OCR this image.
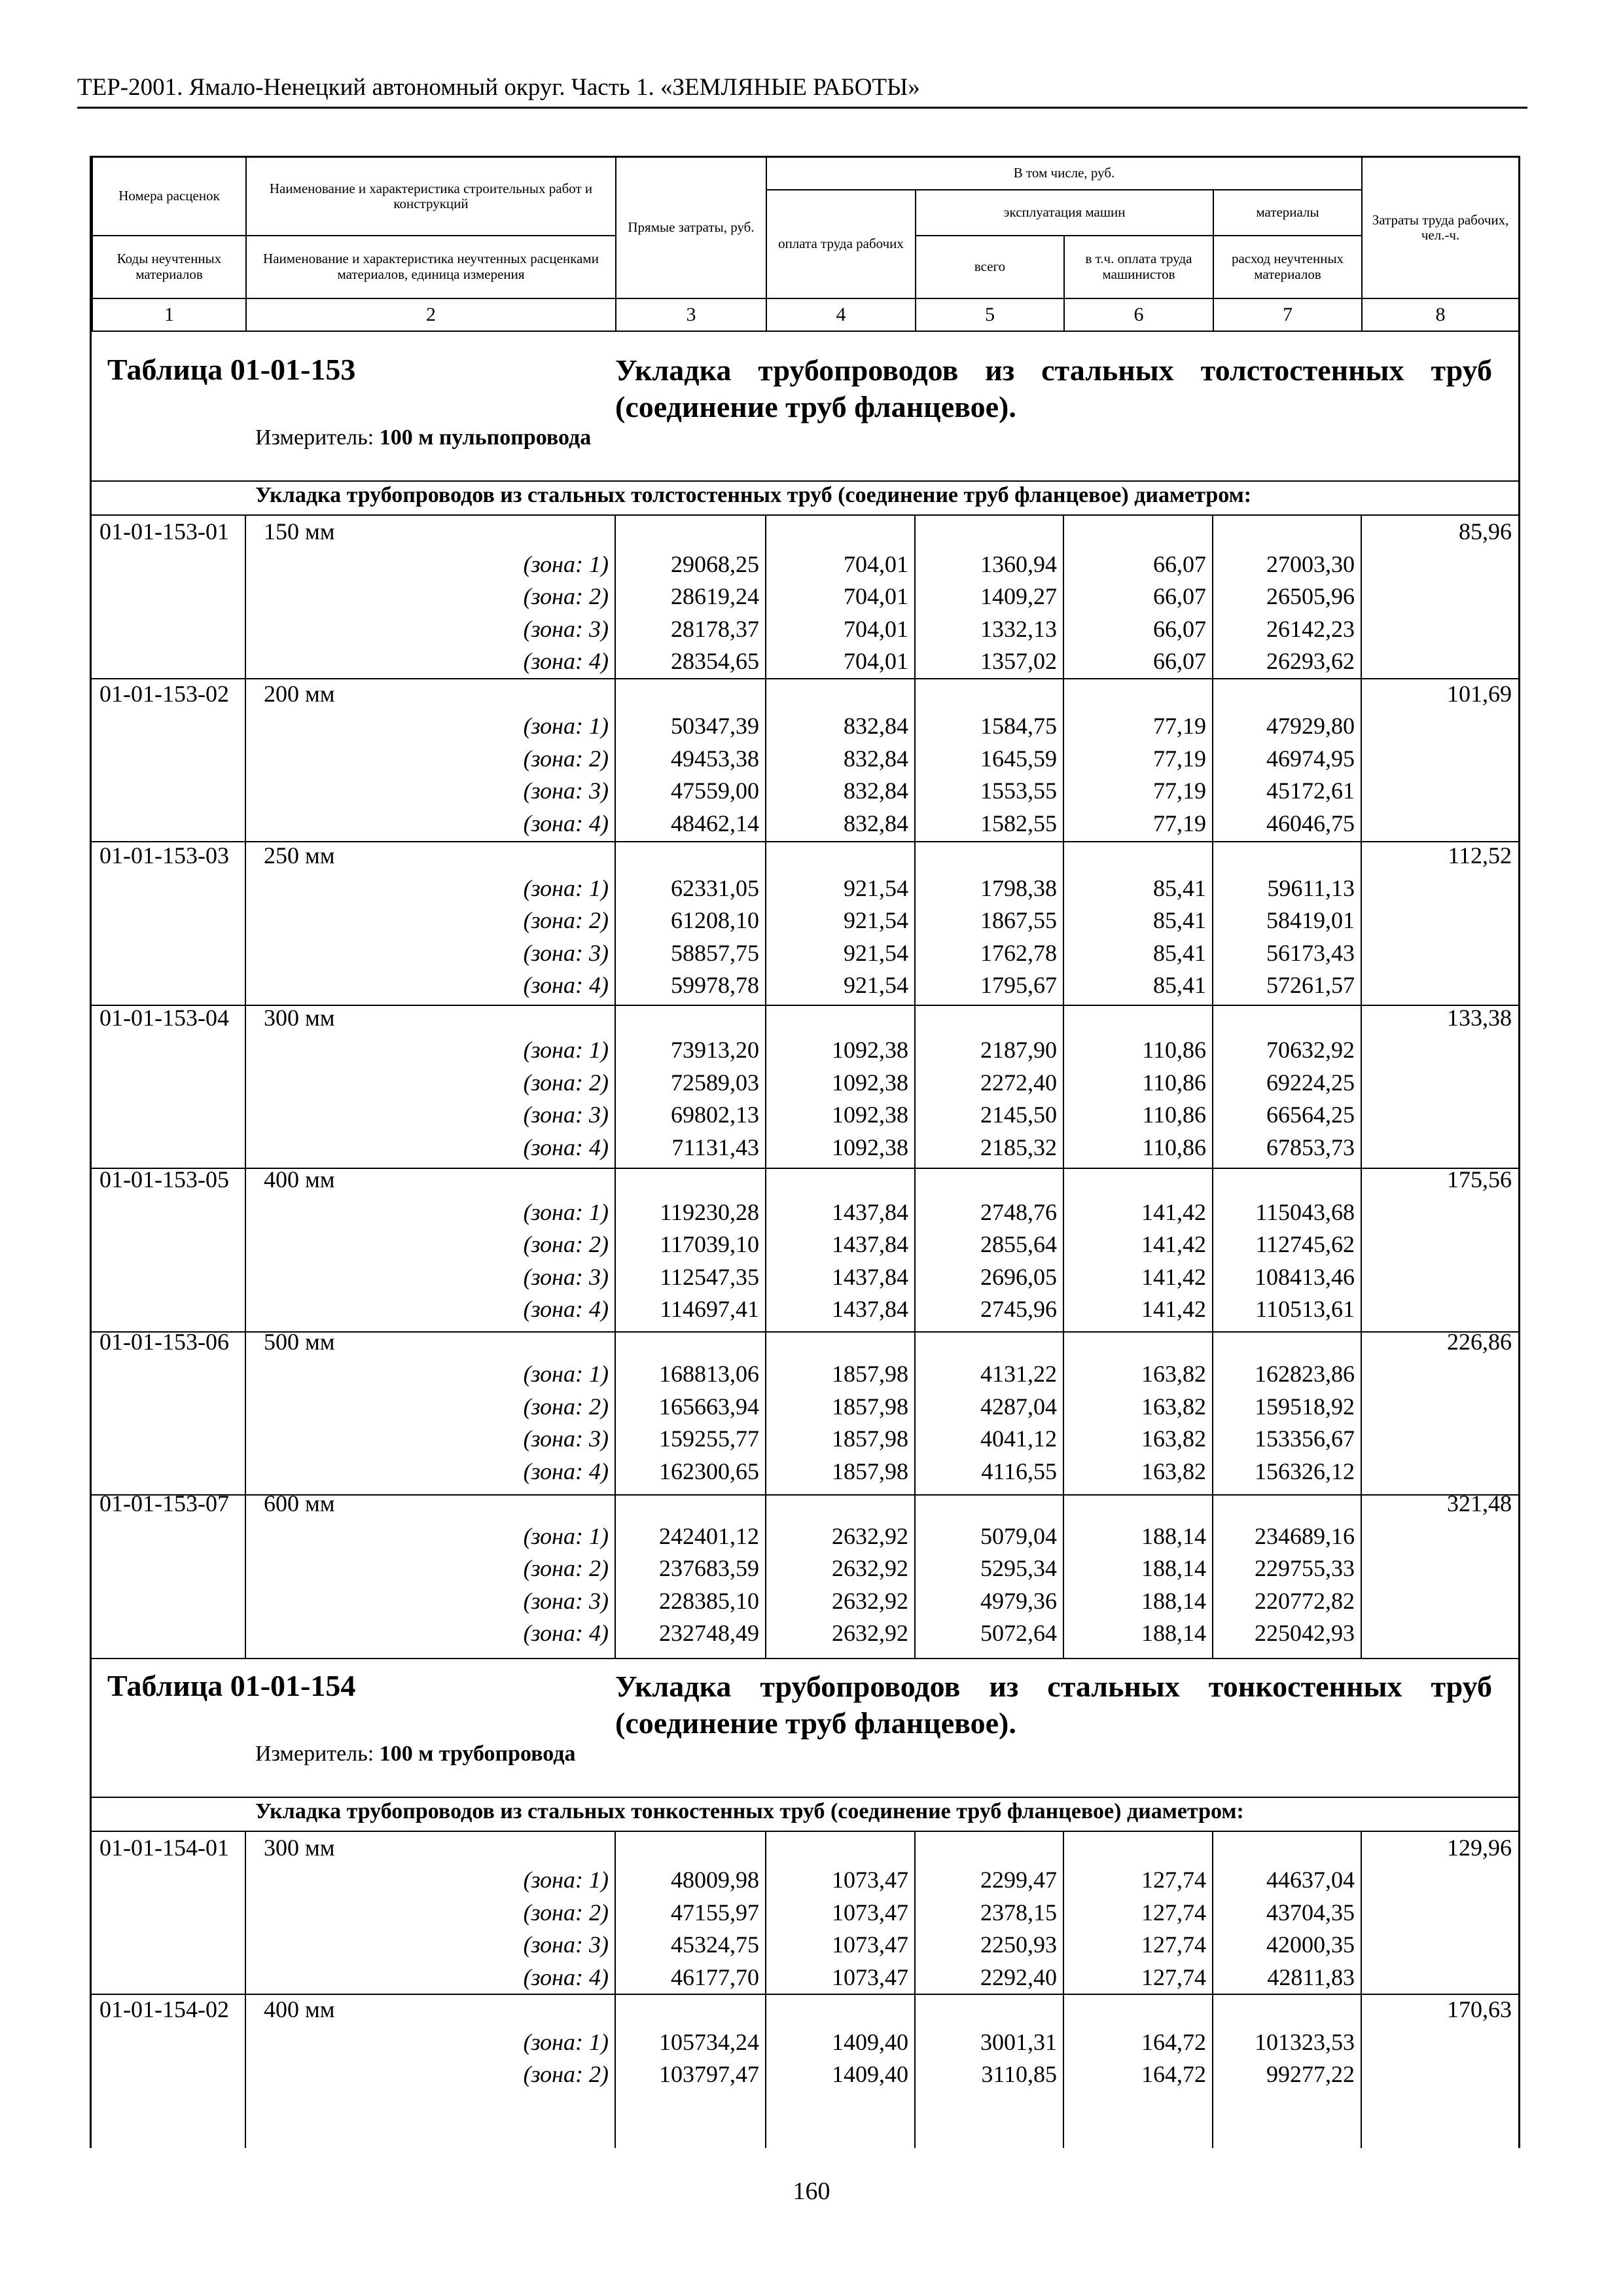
ТЕР-2001. Ямало-Ненецкий автономный округ. Часть 1. «ЗЕМЛЯНЫЕ РАБОТЫ»
Номера расценок	Наименование и характеристика строительных работ и конструкций	Прямые затраты, руб.	В том числе, руб.				Затраты труда рабочих, чел.-ч.
			оплата труда рабочих	эксплуатация машин		материалы	
Коды неучтенных материалов	Наименование и характеристика неучтенных расценками материалов, единица измерения			всего	в т.ч. оплата труда машинистов	расход неучтенных материалов	
1	2	3	4	5	6	7	8
Таблица 01-01-153	Укладка трубопроводов из стальных толстостенных труб (соединение труб фланцевое).
Измеритель: 100 м пульпопровода
Укладка трубопроводов из стальных толстостенных труб (соединение труб фланцевое) диаметром:
01-01-153-01	150 мм						85,96
	(зона: 1)	29068,25	704,01	1360,94	66,07	27003,30	
	(зона: 2)	28619,24	704,01	1409,27	66,07	26505,96	
	(зона: 3)	28178,37	704,01	1332,13	66,07	26142,23	
	(зона: 4)	28354,65	704,01	1357,02	66,07	26293,62	
01-01-153-02	200 мм						101,69
	(зона: 1)	50347,39	832,84	1584,75	77,19	47929,80	
	(зона: 2)	49453,38	832,84	1645,59	77,19	46974,95	
	(зона: 3)	47559,00	832,84	1553,55	77,19	45172,61	
	(зона: 4)	48462,14	832,84	1582,55	77,19	46046,75	
01-01-153-03	250 мм						112,52
	(зона: 1)	62331,05	921,54	1798,38	85,41	59611,13	
	(зона: 2)	61208,10	921,54	1867,55	85,41	58419,01	
	(зона: 3)	58857,75	921,54	1762,78	85,41	56173,43	
	(зона: 4)	59978,78	921,54	1795,67	85,41	57261,57	
01-01-153-04	300 мм						133,38
	(зона: 1)	73913,20	1092,38	2187,90	110,86	70632,92	
	(зона: 2)	72589,03	1092,38	2272,40	110,86	69224,25	
	(зона: 3)	69802,13	1092,38	2145,50	110,86	66564,25	
	(зона: 4)	71131,43	1092,38	2185,32	110,86	67853,73	
01-01-153-05	400 мм						175,56
	(зона: 1)	119230,28	1437,84	2748,76	141,42	115043,68	
	(зона: 2)	117039,10	1437,84	2855,64	141,42	112745,62	
	(зона: 3)	112547,35	1437,84	2696,05	141,42	108413,46	
	(зона: 4)	114697,41	1437,84	2745,96	141,42	110513,61	
01-01-153-06	500 мм						226,86
	(зона: 1)	168813,06	1857,98	4131,22	163,82	162823,86	
	(зона: 2)	165663,94	1857,98	4287,04	163,82	159518,92	
	(зона: 3)	159255,77	1857,98	4041,12	163,82	153356,67	
	(зона: 4)	162300,65	1857,98	4116,55	163,82	156326,12	
01-01-153-07	600 мм						321,48
	(зона: 1)	242401,12	2632,92	5079,04	188,14	234689,16	
	(зона: 2)	237683,59	2632,92	5295,34	188,14	229755,33	
	(зона: 3)	228385,10	2632,92	4979,36	188,14	220772,82	
	(зона: 4)	232748,49	2632,92	5072,64	188,14	225042,93	
Таблица 01-01-154	Укладка трубопроводов из стальных тонкостенных труб (соединение труб фланцевое).
Измеритель: 100 м трубопровода
Укладка трубопроводов из стальных тонкостенных труб (соединение труб фланцевое) диаметром:
01-01-154-01	300 мм						129,96
	(зона: 1)	48009,98	1073,47	2299,47	127,74	44637,04	
	(зона: 2)	47155,97	1073,47	2378,15	127,74	43704,35	
	(зона: 3)	45324,75	1073,47	2250,93	127,74	42000,35	
	(зона: 4)	46177,70	1073,47	2292,40	127,74	42811,83	
01-01-154-02	400 мм						170,63
	(зона: 1)	105734,24	1409,40	3001,31	164,72	101323,53	
	(зона: 2)	103797,47	1409,40	3110,85	164,72	99277,22	
160
